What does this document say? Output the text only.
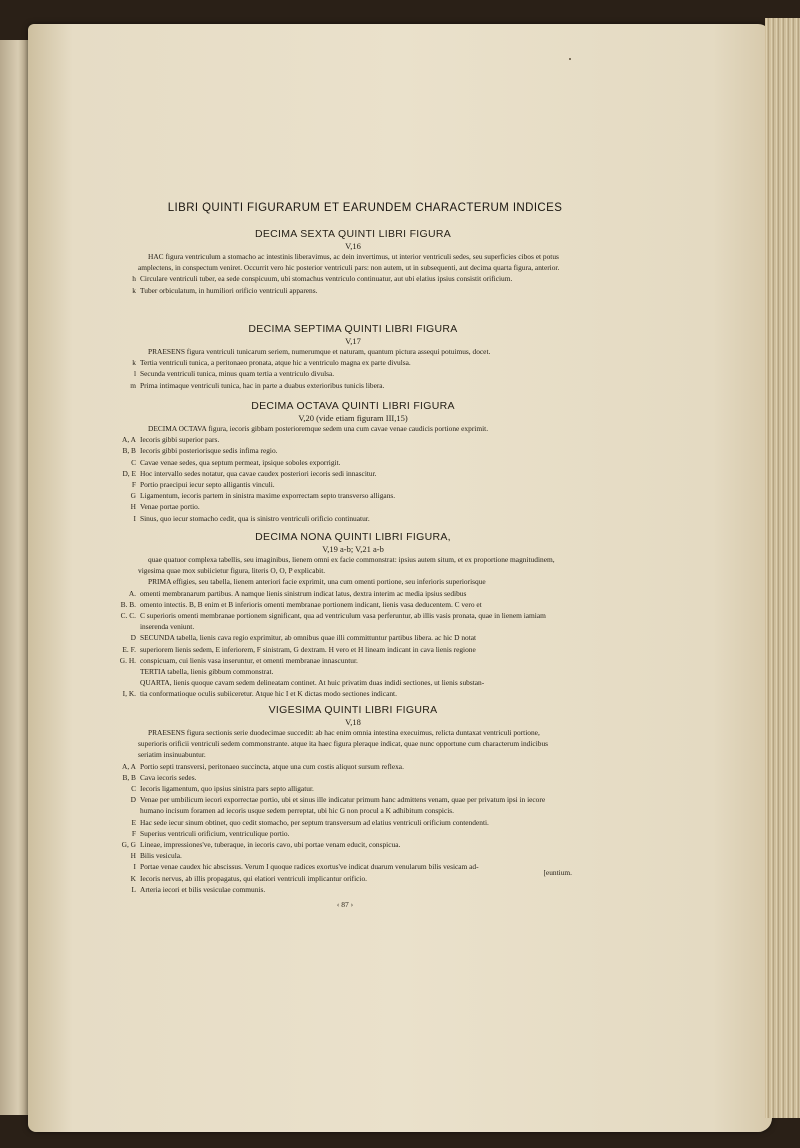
LIBRI QUINTI FIGURARUM ET EARUNDEM CHARACTERUM INDICES
DECIMA SEXTA QUINTI LIBRI FIGURA
V,16
HAC figura ventriculum a stomacho ac intestinis liberavimus, ac dein invertimus, ut interior ventriculi sedes, seu superficies cibos et potus amplectens, in conspectum veniret. Occurrit vero hic posterior ventriculi pars: non autem, ut in subsequenti, aut decima quarta figura, anterior.
h Circulare ventriculi tuber, ea sede conspicuum, ubi stomachus ventriculo continuatur, aut ubi elatius ipsius consistit orificium.
k Tuber orbiculatum, in humiliori orificio ventriculi apparens.
DECIMA SEPTIMA QUINTI LIBRI FIGURA
V,17
PRAESENS figura ventriculi tunicarum seriem, numerumque et naturam, quantum pictura assequi potuimus, docet.
k Tertia ventriculi tunica, a peritonaeo pronata, atque hic a ventriculo magna ex parte divulsa.
l Secunda ventriculi tunica, minus quam tertia a ventriculo divulsa.
m Prima intimaque ventriculi tunica, hac in parte a duabus exterioribus tunicis libera.
DECIMA OCTAVA QUINTI LIBRI FIGURA
V,20 (vide etiam figuram III,15)
DECIMA OCTAVA figura, iecoris gibbam posterioremque sedem una cum cavae venae caudicis portione exprimit.
A, A Iecoris gibbi superior pars.
B, B Iecoris gibbi posteriorisque sedis infima regio.
C Cavae venae sedes, qua septum permeat, ipsique soboles exporrigit.
D, E Hoc intervallo sedes notatur, qua cavae caudex posteriori iecoris sedi innascitur.
F Portio praecipui iecur septo alligantis vinculi.
G Ligamentum, iecoris partem in sinistra maxime exporrectam septo transverso alligans.
H Venae portae portio.
I Sinus, quo iecur stomacho cedit, qua is sinistro ventriculi orificio continuatur.
DECIMA NONA QUINTI LIBRI FIGURA,
V,19 a-b; V,21 a-b
quae quatuor complexa tabellis, seu imaginibus, lienem omni ex facie commonstrat: ipsius autem situm, et ex proportione magnitudinem, vigesima quae mox subiicietur figura, literis O, O, P explicabit.
PRIMA effigies, seu tabella, lienem anteriori facie exprimit, una cum omenti portione, seu inferioris superiorisque
A. omenti membranarum partibus. A namque lienis sinistrum indicat latus, dextra interim ac media ipsius sedibus
B. B. omento intectis. B, B enim et B inferioris omenti membranae portionem indicant, lienis vasa deducentem. C vero et
C. C. C superioris omenti membranae portionem significant, qua ad ventriculum vasa perferuntur, ab illis vasis pronata, quae in lienem iamiam inserenda veniunt.
D SECUNDA tabella, lienis cava regio exprimitur, ab omnibus quae illi committuntur partibus libera. ac hic D notat
E. F. superiorem lienis sedem, E inferiorem, F sinistram, G dextram. H vero et H lineam indicant in cava lienis regione
G. H. conspicuam, cui lienis vasa inseruntur, et omenti membranae innascuntur.
TERTIA tabella, lienis gibbum commonstrat.
QUARTA, lienis quoque cavam sedem delineatam continet. At huic privatim duas indidi sectiones, ut lienis substan-
I, K. tia conformatioque oculis subiiceretur. Atque hic I et K dictas modo sectiones indicant.
VIGESIMA QUINTI LIBRI FIGURA
V,18
PRAESENS figura sectionis serie duodecimae succedit: ab hac enim omnia intestina execuimus, relicta duntaxat ventriculi portione, superioris orificii ventriculi sedem commonstrante. atque ita haec figura pleraque indicat, quae nunc opportune cum characterum indicibus seriatim insinuabuntur.
A, A Portio septi transversi, peritonaeo succincta, atque una cum costis aliquot sursum reflexa.
B, B Cava iecoris sedes.
C Iecoris ligamentum, quo ipsius sinistra pars septo alligatur.
D Venae per umbilicum iecori exporrectae portio, ubi et sinus ille indicatur primum hanc admittens venam, quae per privatum ipsi in iecore humano incisum foramen ad iecoris usque sedem perreptat, ubi hic G non procul a K adhibitum conspicis.
E Hac sede iecur sinum obtinet, quo cedit stomacho, per septum transversum ad elatius ventriculi orificium contendenti.
F Superius ventriculi orificium, ventriculique portio.
G, G Lineae, impressiones've, tuberaque, in iecoris cavo, ubi portae venam educit, conspicua.
H Bilis vesicula.
I Portae venae caudex hic abscissus. Verum I quoque radices exortus've indicat duarum venularum bilis vesicam ad-
K Iecoris nervus, ab illis propagatus, qui elatiori ventriculi implicantur orificio.
[euntium.
L Arteria iecori et bilis vesiculae communis.
‹ 87 ›
